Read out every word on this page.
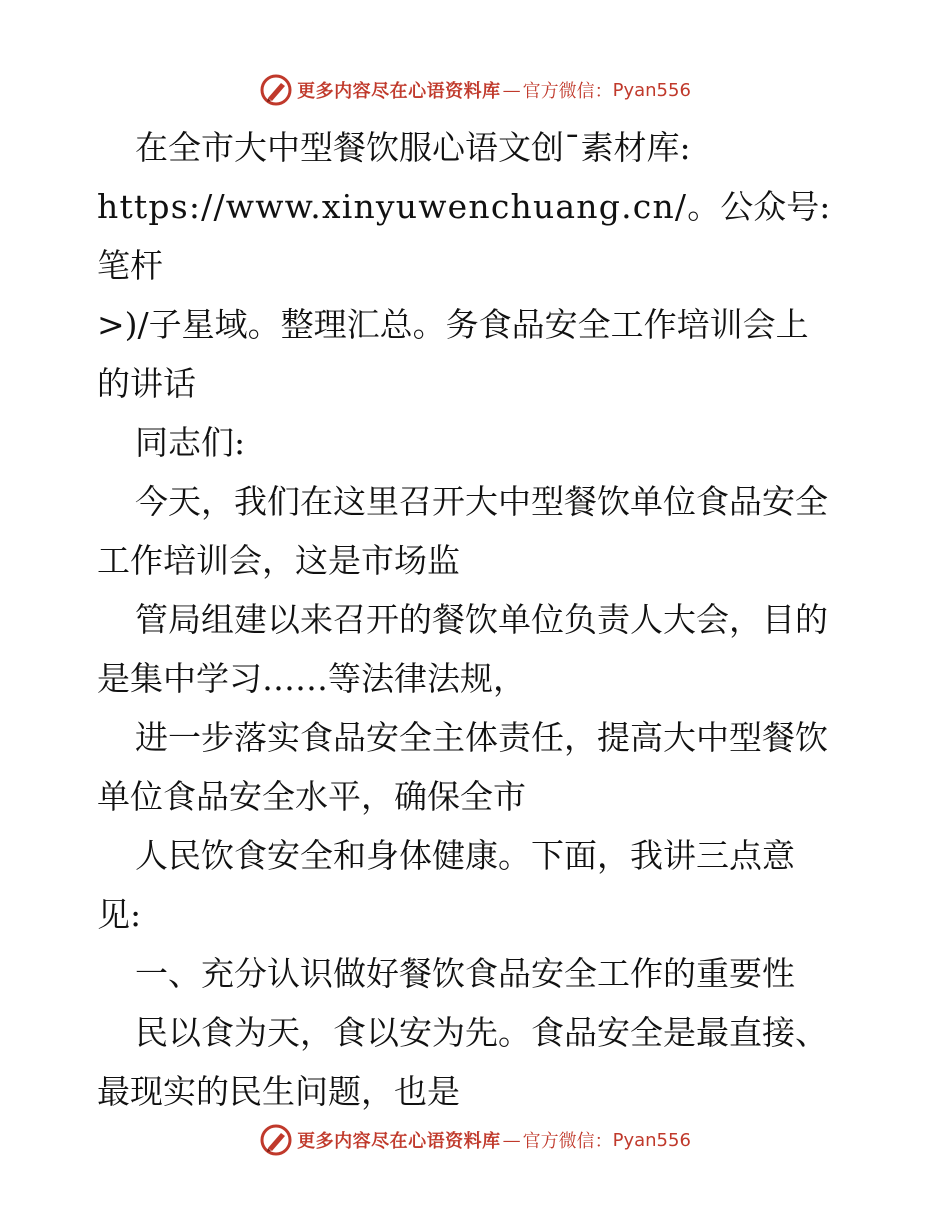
更多内容尽在心语资料库 — 官方微信： Pyan556

在全市大中型餐饮服心语文创¯素材库:

https://www.xinyuwenchuang.cn/。公众号: 笔杆

>)/子星域。整理汇总。务食品安全工作培训会上

的讲话

同志们:

今天，我们在这里召开大中型餐饮单位食品安全

工作培训会，这是市场监

管局组建以来召开的餐饮单位负责人大会，目的

是集中学习……等法律法规，

进一步落实食品安全主体责任，提高大中型餐饮

单位食品安全水平，确保全市

人民饮食安全和身体健康。下面，我讲三点意

见:

一、充分认识做好餐饮食品安全工作的重要性

民以食为天，食以安为先。食品安全是最直接、

最现实的民生问题，也是

更多内容尽在心语资料库 — 官方微信： Pyan556
